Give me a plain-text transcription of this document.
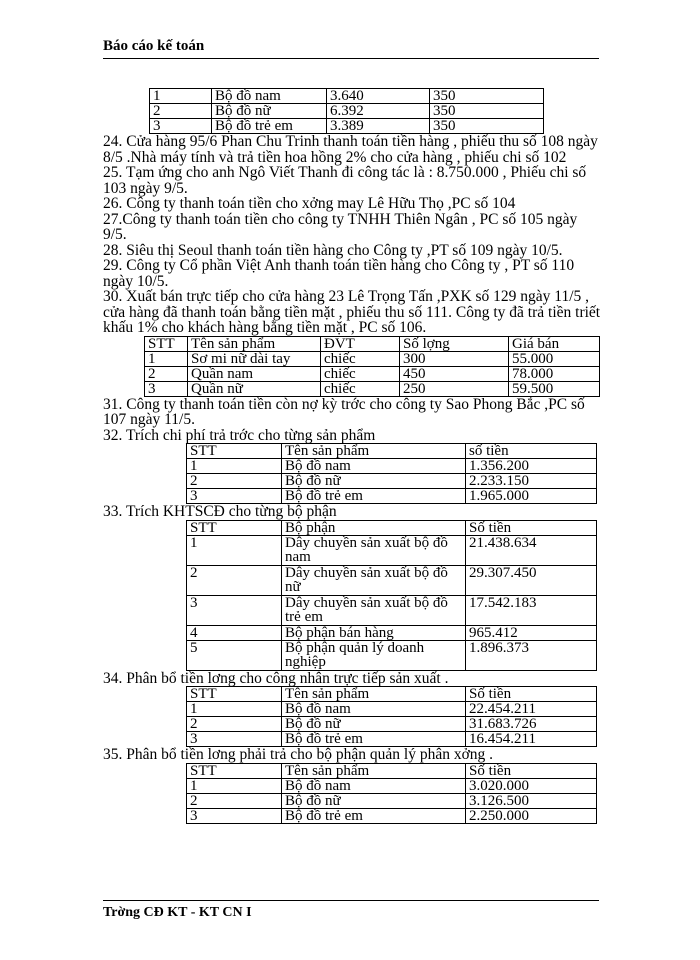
Báo cáo kế toán
1	Bộ đồ nam	3.640	350
2	Bộ đồ nữ	6.392	350
3	Bộ đồ trẻ em	3.389	350

24. Cửa hàng 95/6 Phan Chu Trinh thanh toán tiền hàng , phiếu thu số 108 ngày 8/5 .Nhà máy tính và trả tiền hoa hồng 2% cho cửa hàng , phiếu chi số 102

25. Tạm ứng cho anh Ngô Viết Thanh đi công tác là : 8.750.000 , Phiếu chi số 103 ngày 9/5.

26. Công ty thanh toán tiền cho xởng may Lê Hữu Thọ ,PC số 104

27.Công ty thanh toán tiền cho công ty TNHH Thiên Ngân , PC số 105 ngày 9/5.

28. Siêu thị Seoul thanh toán tiền hàng cho Công ty ,PT số 109 ngày 10/5.

29. Công ty Cổ phần Việt Anh thanh toán tiền hàng cho Công ty , PT số 110 ngày 10/5.

30. Xuất bán trực tiếp cho cửa hàng 23 Lê Trọng Tấn ,PXK số 129 ngày 11/5 , cửa hàng đã thanh toán bằng tiền mặt , phiếu thu số 111. Công ty đã trả tiền triết khấu 1% cho khách hàng bằng tiền mặt , PC số 106.

STT	Tên sản phẩm	ĐVT	Số lợng	Giá bán
1	Sơ mi nữ dài tay	chiếc	300	55.000
2	Quần nam	chiếc	450	78.000
3	Quần nữ	chiếc	250	59.500

31. Công ty thanh toán tiền còn nợ kỳ trớc cho công ty Sao Phong Bắc ,PC số 107 ngày 11/5.

32. Trích chi phí trả trớc cho từng sản phẩm

STT	Tên sản phẩm	số tiền
1	Bộ đồ nam	1.356.200
2	Bộ đồ nữ	2.233.150
3	Bộ đồ trẻ em	1.965.000

33. Trích KHTSCĐ cho từng bộ phận

STT	Bộ phận	Số tiền
1	Dây chuyền sản xuất bộ đồ nam	21.438.634
2	Dây chuyền sản xuất bộ đồ nữ	29.307.450
3	Dây chuyền sản xuất bộ đồ trẻ em	17.542.183
4	Bộ phận bán hàng	965.412
5	Bộ phận quản lý doanh nghiệp	1.896.373

34. Phân bổ tiền lơng cho công nhân trực tiếp sản xuất .

STT	Tên sản phẩm	Số tiền
1	Bộ đồ nam	22.454.211
2	Bộ đồ nữ	31.683.726
3	Bộ đồ trẻ em	16.454.211

35. Phân bổ tiền lơng phải trả cho bộ phận quản lý phân xởng .

STT	Tên sản phẩm	Số tiền
1	Bộ đồ nam	3.020.000
2	Bộ đồ nữ	3.126.500
3	Bộ đồ trẻ em	2.250.000
Trờng CĐ KT - KT CN I
